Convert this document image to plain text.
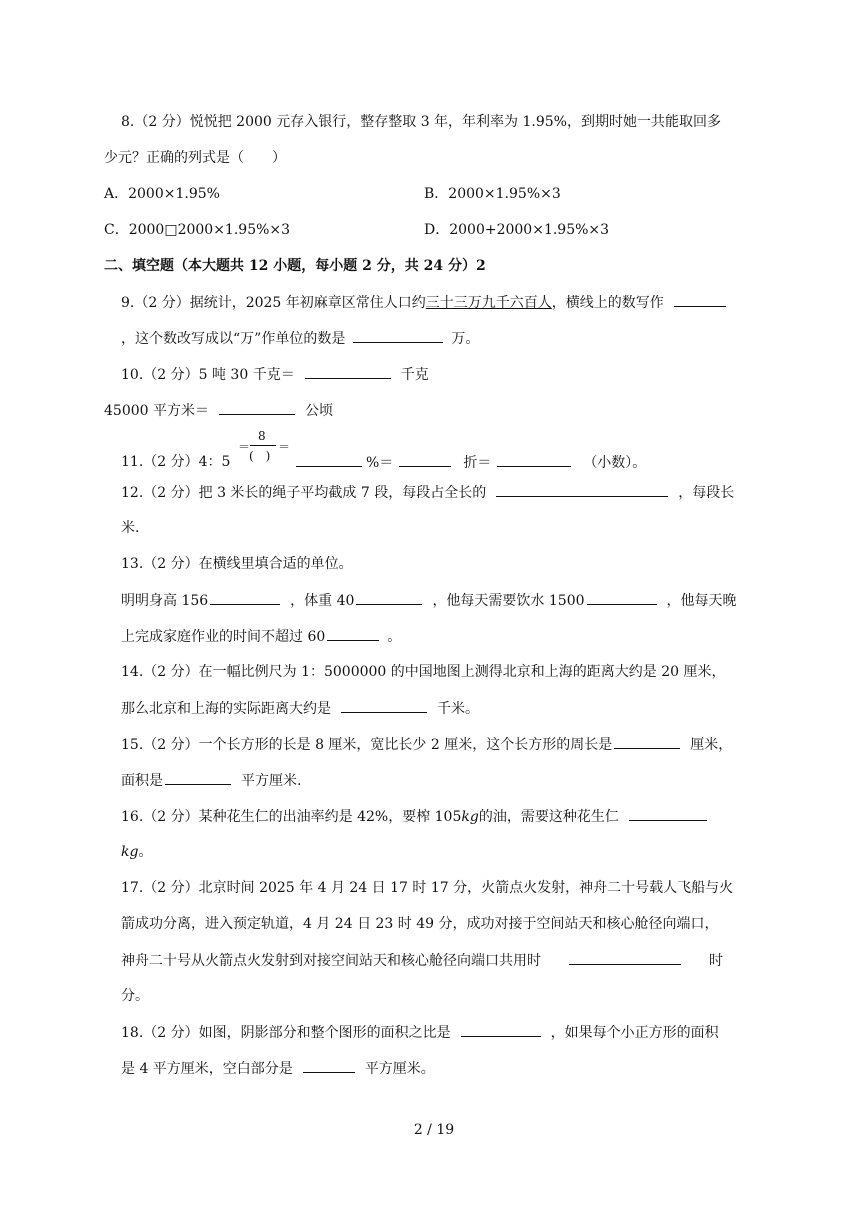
8.（2 分）悦悦把 2000 元存入银行，整存整取 3 年，年利率为 1.95%，到期时她一共能取回多
少元？正确的列式是（　　）
A．2000×1.95%	B．2000×1.95%×3
C．2000□2000×1.95%×3	D．2000+2000×1.95%×3
二、填空题（本大题共 12 小题，每小题 2 分，共 24 分）2
9.（2 分）据统计，2025 年初麻章区常住人口约三十三万九千六百人，横线上的数写作
，这个数改写成以“万”作单位的数是	万。
10.（2 分）5 吨 30 千克＝	千克
45000 平方米＝	公顷
11.（2 分）4：5
＝
8
(　)
＝
%＝	折＝	（小数）。
12.（2 分）把 3 米长的绳子平均截成 7 段，每段占全长的	，每段长
米.
13.（2 分）在横线里填合适的单位。
明明身高 156	，体重 40	，他每天需要饮水 1500	，他每天晚
上完成家庭作业的时间不超过 60	。
14.（2 分）在一幅比例尺为 1：5000000 的中国地图上测得北京和上海的距离大约是 20 厘米，
那么北京和上海的实际距离大约是	千米。
15.（2 分）一个长方形的长是 8 厘米，宽比长少 2 厘米，这个长方形的周长是	厘米，
面积是	平方厘米.
16.（2 分）某种花生仁的出油率约是 42%，要榨 105kg的油，需要这种花生仁
kg。
17.（2 分）北京时间 2025 年 4 月 24 日 17 时 17 分，火箭点火发射，神舟二十号载人飞船与火
箭成功分离，进入预定轨道，4 月 24 日 23 时 49 分，成功对接于空间站天和核心舱径向端口，
神舟二十号从火箭点火发射到对接空间站天和核心舱径向端口共用时	时
分。
18.（2 分）如图，阴影部分和整个图形的面积之比是	，如果每个小正方形的面积
是 4 平方厘米，空白部分是	平方厘米。
2 / 19
